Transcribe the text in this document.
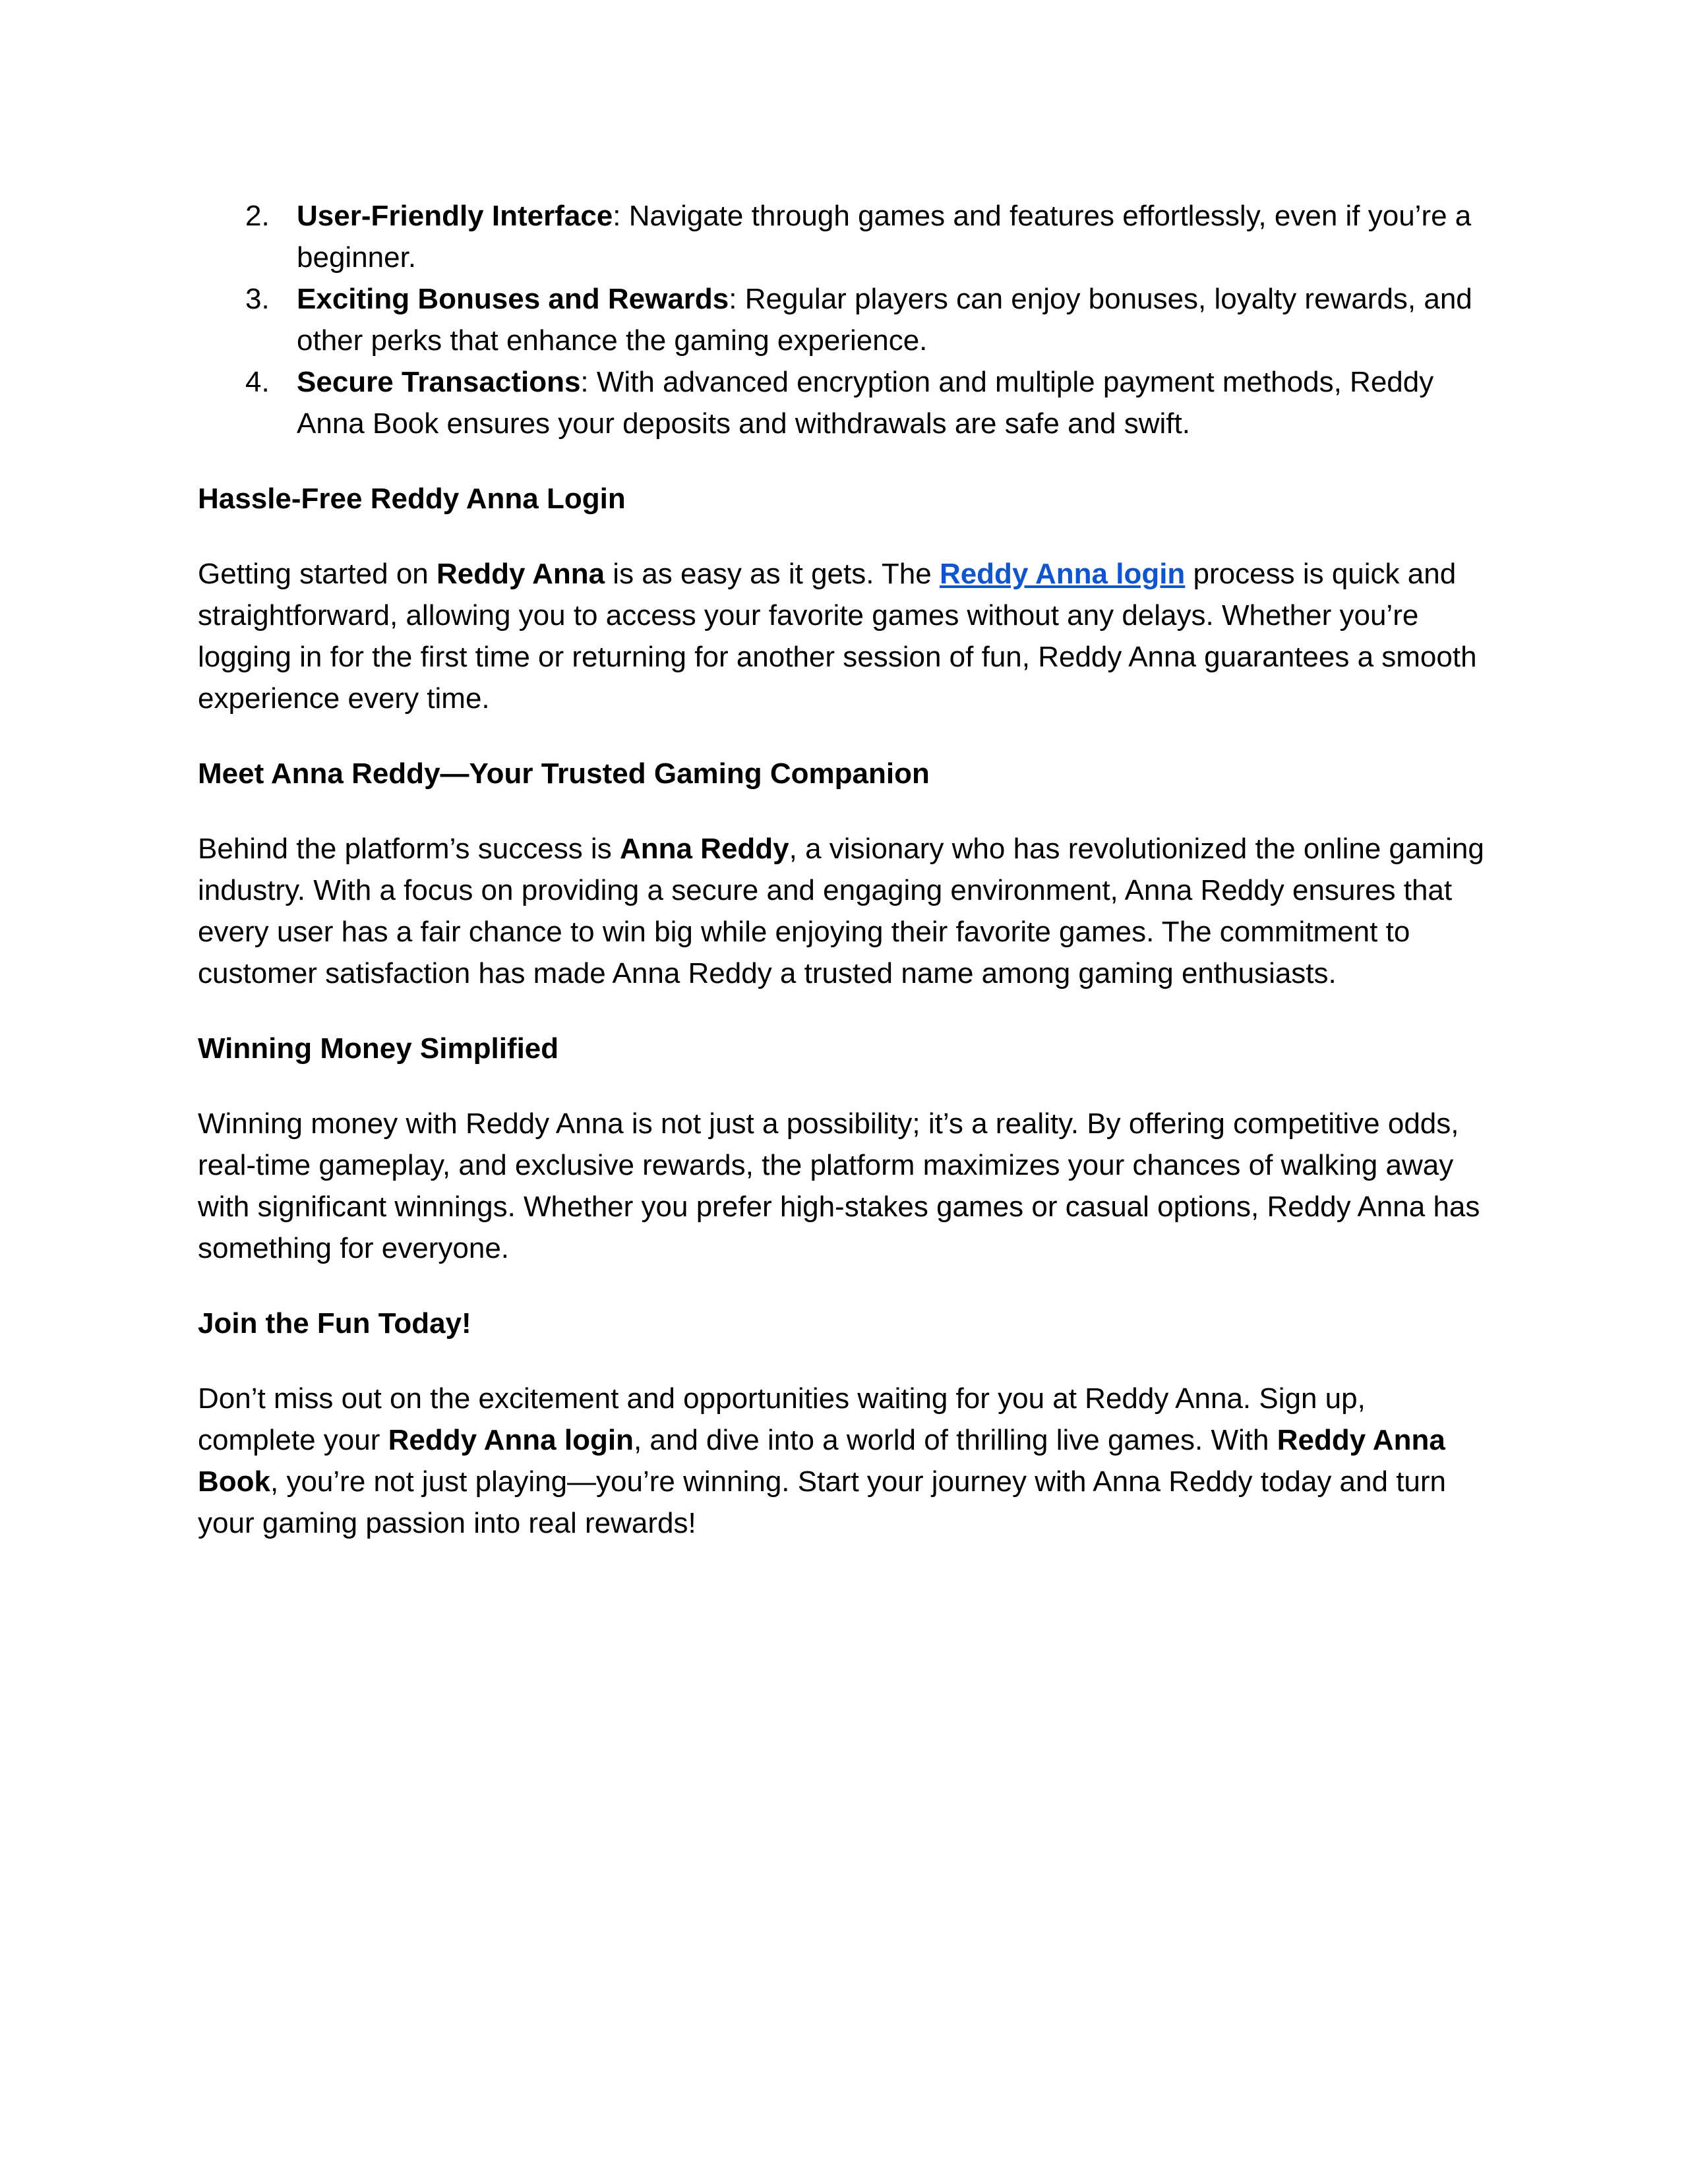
2. User-Friendly Interface: Navigate through games and features effortlessly, even if you’re a beginner.
3. Exciting Bonuses and Rewards: Regular players can enjoy bonuses, loyalty rewards, and other perks that enhance the gaming experience.
4. Secure Transactions: With advanced encryption and multiple payment methods, Reddy Anna Book ensures your deposits and withdrawals are safe and swift.

Hassle-Free Reddy Anna Login

Getting started on Reddy Anna is as easy as it gets. The Reddy Anna login process is quick and straightforward, allowing you to access your favorite games without any delays. Whether you’re logging in for the first time or returning for another session of fun, Reddy Anna guarantees a smooth experience every time.

Meet Anna Reddy—Your Trusted Gaming Companion

Behind the platform’s success is Anna Reddy, a visionary who has revolutionized the online gaming industry. With a focus on providing a secure and engaging environment, Anna Reddy ensures that every user has a fair chance to win big while enjoying their favorite games. The commitment to customer satisfaction has made Anna Reddy a trusted name among gaming enthusiasts.

Winning Money Simplified

Winning money with Reddy Anna is not just a possibility; it’s a reality. By offering competitive odds, real-time gameplay, and exclusive rewards, the platform maximizes your chances of walking away with significant winnings. Whether you prefer high-stakes games or casual options, Reddy Anna has something for everyone.

Join the Fun Today!

Don’t miss out on the excitement and opportunities waiting for you at Reddy Anna. Sign up, complete your Reddy Anna login, and dive into a world of thrilling live games. With Reddy Anna Book, you’re not just playing—you’re winning. Start your journey with Anna Reddy today and turn your gaming passion into real rewards!
